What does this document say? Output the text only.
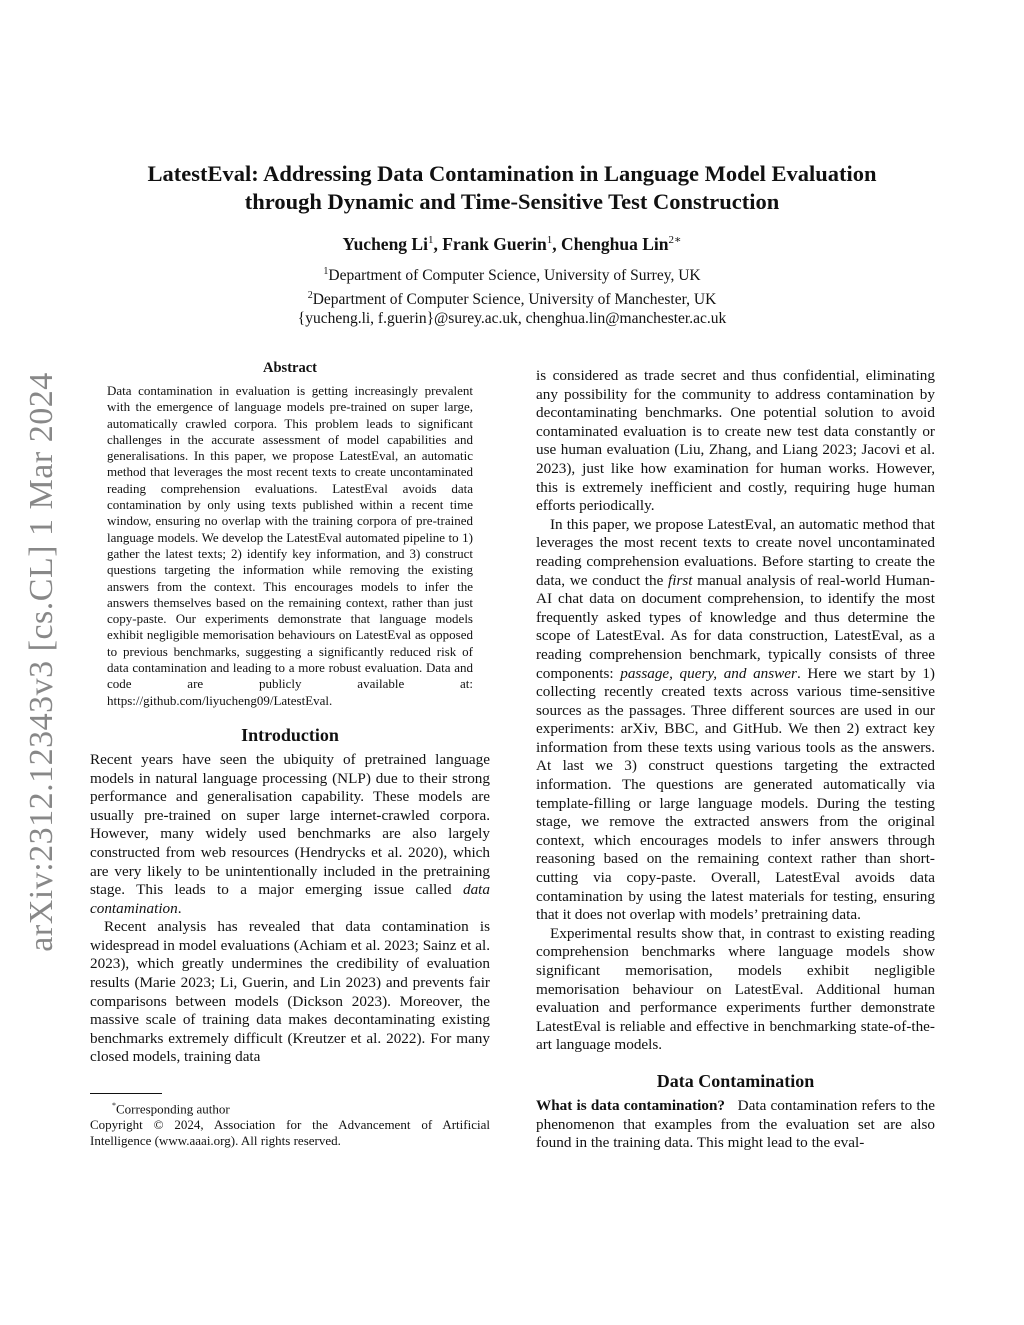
arXiv:2312.12343v3 [cs.CL] 1 Mar 2024
LatestEval: Addressing Data Contamination in Language Model Evaluation
through Dynamic and Time-Sensitive Test Construction
Yucheng Li$^1$, Frank Guerin$^1$, Chenghua Lin$^{2∗}$
$^1$Department of Computer Science, University of Surrey, UK
$^2$Department of Computer Science, University of Manchester, UK
{yucheng.li, f.guerin}@surey.ac.uk, chenghua.lin@manchester.ac.uk
Abstract

Data contamination in evaluation is getting increasingly prevalent with the emergence of language models pre-trained on super large, automatically crawled corpora. This problem leads to significant challenges in the accurate assessment of model capabilities and generalisations. In this paper, we propose LatestEval, an automatic method that leverages the most recent texts to create uncontaminated reading comprehension evaluations. LatestEval avoids data contamination by only using texts published within a recent time window, ensuring no overlap with the training corpora of pre-trained language models. We develop the LatestEval automated pipeline to 1) gather the latest texts; 2) identify key information, and 3) construct questions targeting the information while removing the existing answers from the context. This encourages models to infer the answers themselves based on the remaining context, rather than just copy-paste. Our experiments demonstrate that language models exhibit negligible memorisation behaviours on LatestEval as opposed to previous benchmarks, suggesting a significantly reduced risk of data contamination and leading to a more robust evaluation. Data and code are publicly available at: https://github.com/liyucheng09/LatestEval.

Introduction

Recent years have seen the ubiquity of pretrained language models in natural language processing (NLP) due to their strong performance and generalisation capability. These models are usually pre-trained on super large internet-crawled corpora. However, many widely used benchmarks are also largely constructed from web resources (Hendrycks et al. 2020), which are very likely to be unintentionally included in the pretraining stage. This leads to a major emerging issue called data contamination.

Recent analysis has revealed that data contamination is widespread in model evaluations (Achiam et al. 2023; Sainz et al. 2023), which greatly undermines the credibility of evaluation results (Marie 2023; Li, Guerin, and Lin 2023) and prevents fair comparisons between models (Dickson 2023). Moreover, the massive scale of training data makes decontaminating existing benchmarks extremely difficult (Kreutzer et al. 2022). For many closed models, training data

*Corresponding author
Copyright © 2024, Association for the Advancement of Artificial Intelligence (www.aaai.org). All rights reserved.

is considered as trade secret and thus confidential, eliminating any possibility for the community to address contamination by decontaminating benchmarks. One potential solution to avoid contaminated evaluation is to create new test data constantly or use human evaluation (Liu, Zhang, and Liang 2023; Jacovi et al. 2023), just like how examination for human works. However, this is extremely inefficient and costly, requiring huge human efforts periodically.

In this paper, we propose LatestEval, an automatic method that leverages the most recent texts to create novel uncontaminated reading comprehension evaluations. Before starting to create the data, we conduct the first manual analysis of real-world Human-AI chat data on document comprehension, to identify the most frequently asked types of knowledge and thus determine the scope of LatestEval. As for data construction, LatestEval, as a reading comprehension benchmark, typically consists of three components: passage, query, and answer. Here we start by 1) collecting recently created texts across various time-sensitive sources as the passages. Three different sources are used in our experiments: arXiv, BBC, and GitHub. We then 2) extract key information from these texts using various tools as the answers. At last we 3) construct questions targeting the extracted information. The questions are generated automatically via template-filling or large language models. During the testing stage, we remove the extracted answers from the original context, which encourages models to infer answers through reasoning based on the remaining context rather than short-cutting via copy-paste. Overall, LatestEval avoids data contamination by using the latest materials for testing, ensuring that it does not overlap with models’ pretraining data.

Experimental results show that, in contrast to existing reading comprehension benchmarks where language models show significant memorisation, models exhibit negligible memorisation behaviour on LatestEval. Additional human evaluation and performance experiments further demonstrate LatestEval is reliable and effective in benchmarking state-of-the-art language models.

Data Contamination

What is data contamination? Data contamination refers to the phenomenon that examples from the evaluation set are also found in the training data. This might lead to the eval-
